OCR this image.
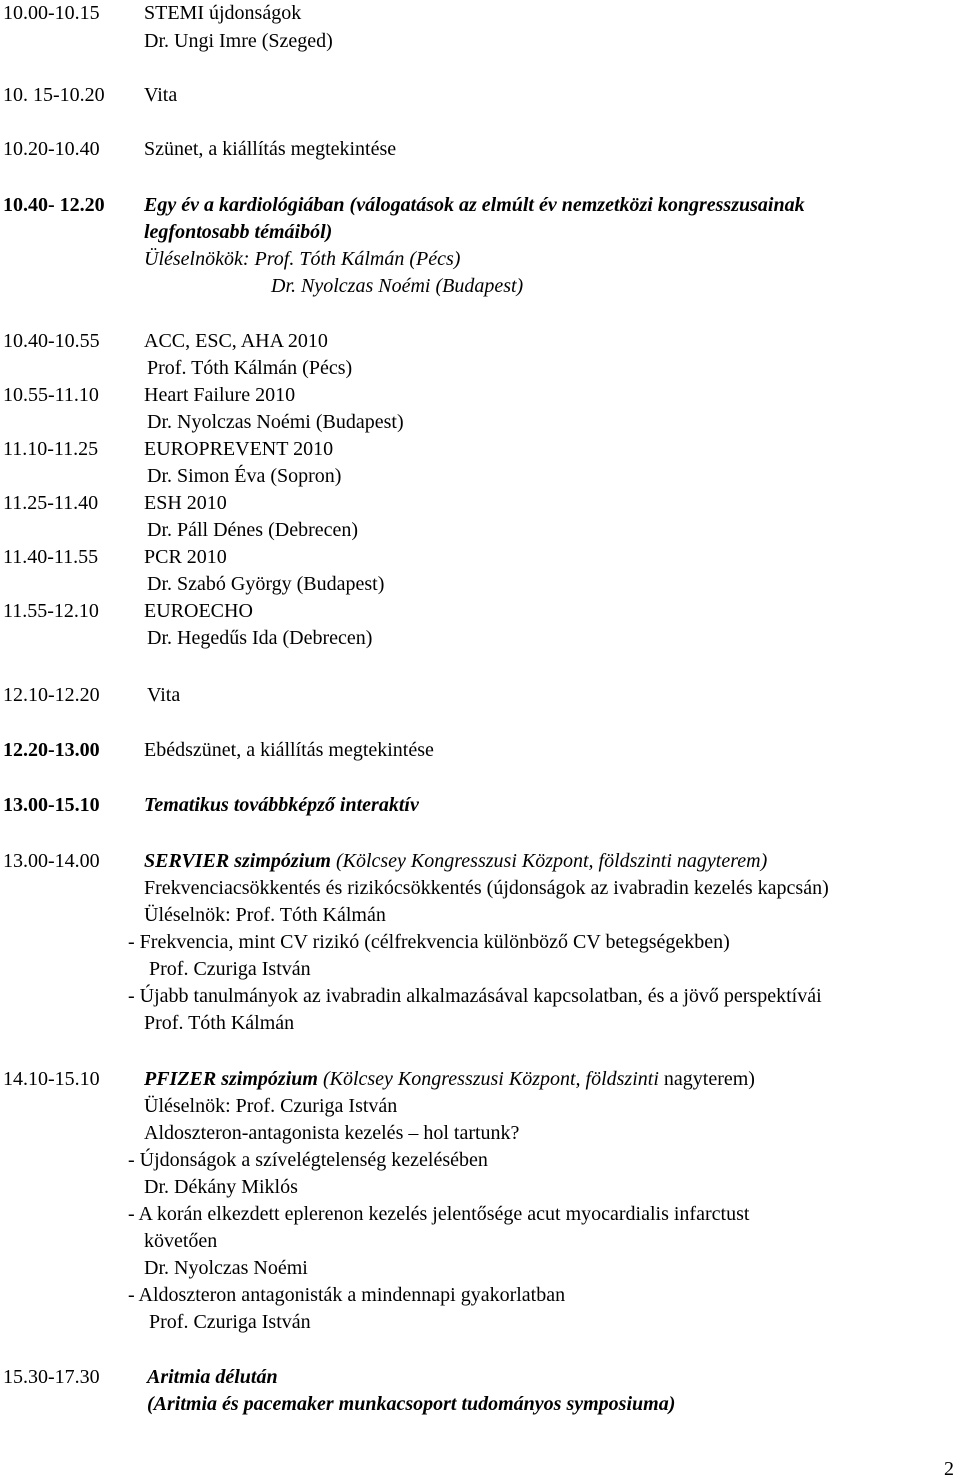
10.00-10.15 STEMI újdonságok
Dr. Ungi Imre (Szeged)
10. 15-10.20 Vita
10.20-10.40 Szünet, a kiállítás megtekintése
10.40- 12.20 Egy év a kardiológiában (válogatások az elmúlt év nemzetközi kongresszusainak
legfontosabb témáiból)
Üléselnökök: Prof. Tóth Kálmán (Pécs)
Dr. Nyolczas Noémi (Budapest)
10.40-10.55 ACC, ESC, AHA 2010
Prof. Tóth Kálmán (Pécs)
10.55-11.10 Heart Failure 2010
Dr. Nyolczas Noémi (Budapest)
11.10-11.25 EUROPREVENT 2010
Dr. Simon Éva (Sopron)
11.25-11.40 ESH 2010
Dr. Páll Dénes (Debrecen)
11.40-11.55 PCR 2010
Dr. Szabó György (Budapest)
11.55-12.10 EUROECHO
Dr. Hegedűs Ida (Debrecen)
12.10-12.20 Vita
12.20-13.00 Ebédszünet, a kiállítás megtekintése
13.00-15.10 Tematikus továbbképző interaktív
13.00-14.00 SERVIER szimpózium (Kölcsey Kongresszusi Központ, földszinti nagyterem)
Frekvenciacsökkentés és rizikócsökkentés (újdonságok az ivabradin kezelés kapcsán)
Üléselnök: Prof. Tóth Kálmán
- Frekvencia, mint CV rizikó (célfrekvencia különböző CV betegségekben)
Prof. Czuriga István
- Újabb tanulmányok az ivabradin alkalmazásával kapcsolatban, és a jövő perspektívái
Prof. Tóth Kálmán
14.10-15.10 PFIZER szimpózium (Kölcsey Kongresszusi Központ, földszinti nagyterem)
Üléselnök: Prof. Czuriga István
Aldoszteron-antagonista kezelés – hol tartunk?
- Újdonságok a szívelégtelenség kezelésében
Dr. Dékány Miklós
- A korán elkezdett eplerenon kezelés jelentősége acut myocardialis infarctust
követően
Dr. Nyolczas Noémi
- Aldoszteron antagonisták a mindennapi gyakorlatban
Prof. Czuriga István
15.30-17.30 Aritmia délután
(Aritmia és pacemaker munkacsoport tudományos symposiuma)
2
